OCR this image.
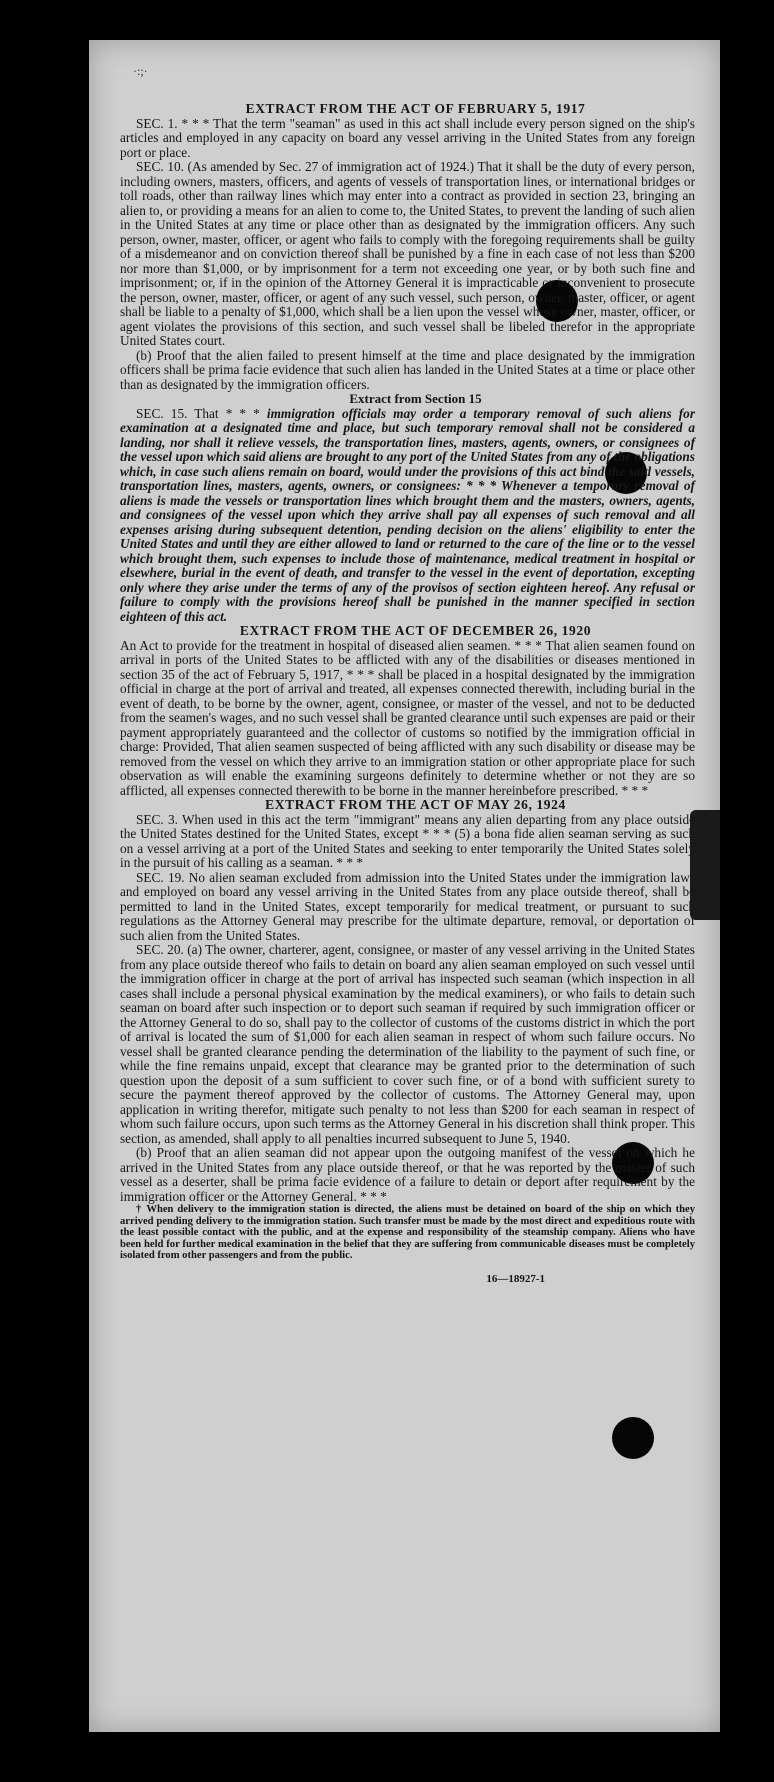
·:;·

EXTRACT FROM THE ACT OF FEBRUARY 5, 1917

SEC. 1. * * * That the term "seaman" as used in this act shall include every person signed on the ship's articles and employed in any capacity on board any vessel arriving in the United States from any foreign port or place.

SEC. 10. (As amended by Sec. 27 of immigration act of 1924.) That it shall be the duty of every person, including owners, masters, officers, and agents of vessels of transportation lines, or international bridges or toll roads, other than railway lines which may enter into a contract as provided in section 23, bringing an alien to, or providing a means for an alien to come to, the United States, to prevent the landing of such alien in the United States at any time or place other than as designated by the immigration officers. Any such person, owner, master, officer, or agent who fails to comply with the foregoing requirements shall be guilty of a misdemeanor and on conviction thereof shall be punished by a fine in each case of not less than $200 nor more than $1,000, or by imprisonment for a term not exceeding one year, or by both such fine and imprisonment; or, if in the opinion of the Attorney General it is impracticable or inconvenient to prosecute the person, owner, master, officer, or agent of any such vessel, such person, owner, master, officer, or agent shall be liable to a penalty of $1,000, which shall be a lien upon the vessel whose owner, master, officer, or agent violates the provisions of this section, and such vessel shall be libeled therefor in the appropriate United States court.

(b) Proof that the alien failed to present himself at the time and place designated by the immigration officers shall be prima facie evidence that such alien has landed in the United States at a time or place other than as designated by the immigration officers.

Extract from Section 15

SEC. 15. That * * * immigration officials may order a temporary removal of such aliens for examination at a designated time and place, but such temporary removal shall not be considered a landing, nor shall it relieve vessels, the transportation lines, masters, agents, owners, or consignees of the vessel upon which said aliens are brought to any port of the United States from any of the obligations which, in case such aliens remain on board, would under the provisions of this act bind the said vessels, transportation lines, masters, agents, owners, or consignees: * * * Whenever a temporary removal of aliens is made the vessels or transportation lines which brought them and the masters, owners, agents, and consignees of the vessel upon which they arrive shall pay all expenses of such removal and all expenses arising during subsequent detention, pending decision on the aliens' eligibility to enter the United States and until they are either allowed to land or returned to the care of the line or to the vessel which brought them, such expenses to include those of maintenance, medical treatment in hospital or elsewhere, burial in the event of death, and transfer to the vessel in the event of deportation, excepting only where they arise under the terms of any of the provisos of section eighteen hereof. Any refusal or failure to comply with the provisions hereof shall be punished in the manner specified in section eighteen of this act.

EXTRACT FROM THE ACT OF DECEMBER 26, 1920

An Act to provide for the treatment in hospital of diseased alien seamen. * * * That alien seamen found on arrival in ports of the United States to be afflicted with any of the disabilities or diseases mentioned in section 35 of the act of February 5, 1917, * * * shall be placed in a hospital designated by the immigration official in charge at the port of arrival and treated, all expenses connected therewith, including burial in the event of death, to be borne by the owner, agent, consignee, or master of the vessel, and not to be deducted from the seamen's wages, and no such vessel shall be granted clearance until such expenses are paid or their payment appropriately guaranteed and the collector of customs so notified by the immigration official in charge: Provided, That alien seamen suspected of being afflicted with any such disability or disease may be removed from the vessel on which they arrive to an immigration station or other appropriate place for such observation as will enable the examining surgeons definitely to determine whether or not they are so afflicted, all expenses connected therewith to be borne in the manner hereinbefore prescribed. * * *

EXTRACT FROM THE ACT OF MAY 26, 1924

SEC. 3. When used in this act the term "immigrant" means any alien departing from any place outside the United States destined for the United States, except * * * (5) a bona fide alien seaman serving as such on a vessel arriving at a port of the United States and seeking to enter temporarily the United States solely in the pursuit of his calling as a seaman. * * *

SEC. 19. No alien seaman excluded from admission into the United States under the immigration laws and employed on board any vessel arriving in the United States from any place outside thereof, shall be permitted to land in the United States, except temporarily for medical treatment, or pursuant to such regulations as the Attorney General may prescribe for the ultimate departure, removal, or deportation of such alien from the United States.

SEC. 20. (a) The owner, charterer, agent, consignee, or master of any vessel arriving in the United States from any place outside thereof who fails to detain on board any alien seaman employed on such vessel until the immigration officer in charge at the port of arrival has inspected such seaman (which inspection in all cases shall include a personal physical examination by the medical examiners), or who fails to detain such seaman on board after such inspection or to deport such seaman if required by such immigration officer or the Attorney General to do so, shall pay to the collector of customs of the customs district in which the port of arrival is located the sum of $1,000 for each alien seaman in respect of whom such failure occurs. No vessel shall be granted clearance pending the determination of the liability to the payment of such fine, or while the fine remains unpaid, except that clearance may be granted prior to the determination of such question upon the deposit of a sum sufficient to cover such fine, or of a bond with sufficient surety to secure the payment thereof approved by the collector of customs. The Attorney General may, upon application in writing therefor, mitigate such penalty to not less than $200 for each seaman in respect of whom such failure occurs, upon such terms as the Attorney General in his discretion shall think proper. This section, as amended, shall apply to all penalties incurred subsequent to June 5, 1940.

(b) Proof that an alien seaman did not appear upon the outgoing manifest of the vessel on which he arrived in the United States from any place outside thereof, or that he was reported by the master of such vessel as a deserter, shall be prima facie evidence of a failure to detain or deport after requirement by the immigration officer or the Attorney General. * * *

† When delivery to the immigration station is directed, the aliens must be detained on board of the ship on which they arrived pending delivery to the immigration station. Such transfer must be made by the most direct and expeditious route with the least possible contact with the public, and at the expense and responsibility of the steamship company. Aliens who have been held for further medical examination in the belief that they are suffering from communicable diseases must be completely isolated from other passengers and from the public.

16—18927-1
